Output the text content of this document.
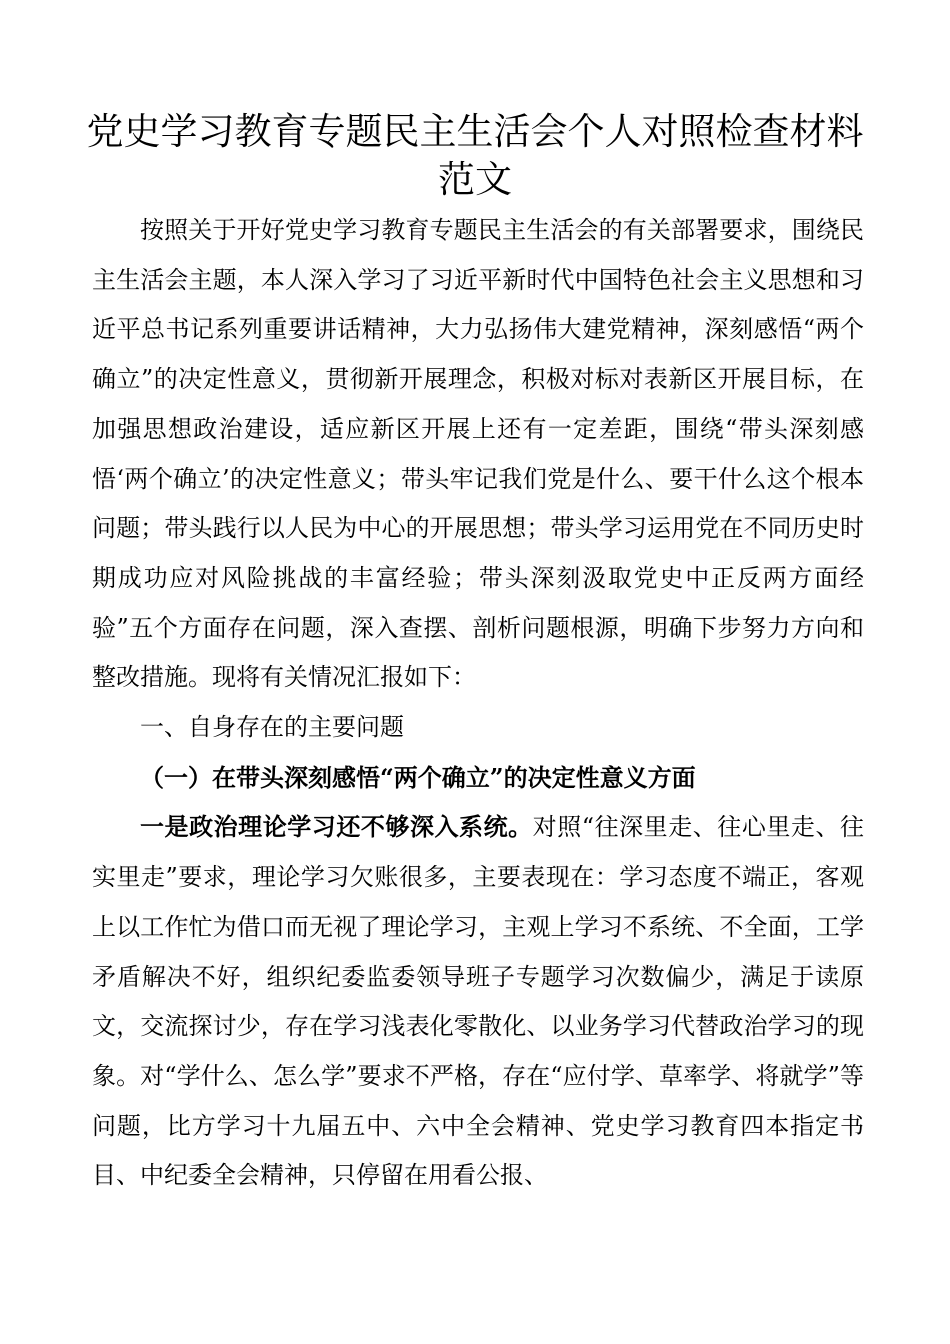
党史学习教育专题民主生活会个人对照检查材料范文

按照关于开好党史学习教育专题民主生活会的有关部署要求，围绕民主生活会主题，本人深入学习了习近平新时代中国特色社会主义思想和习近平总书记系列重要讲话精神，大力弘扬伟大建党精神，深刻感悟“两个确立”的决定性意义，贯彻新开展理念，积极对标对表新区开展目标，在加强思想政治建设，适应新区开展上还有一定差距，围绕“带头深刻感悟‘两个确立’的决定性意义；带头牢记我们党是什么、要干什么这个根本问题；带头践行以人民为中心的开展思想；带头学习运用党在不同历史时期成功应对风险挑战的丰富经验；带头深刻汲取党史中正反两方面经验”五个方面存在问题，深入查摆、剖析问题根源，明确下步努力方向和整改措施。现将有关情况汇报如下：

一、自身存在的主要问题

（一）在带头深刻感悟“两个确立”的决定性意义方面

一是政治理论学习还不够深入系统。对照“往深里走、往心里走、往实里走”要求，理论学习欠账很多，主要表现在：学习态度不端正，客观上以工作忙为借口而无视了理论学习，主观上学习不系统、不全面，工学矛盾解决不好，组织纪委监委领导班子专题学习次数偏少，满足于读原文，交流探讨少，存在学习浅表化零散化、以业务学习代替政治学习的现象。对“学什么、怎么学”要求不严格，存在“应付学、草率学、将就学”等问题，比方学习十九届五中、六中全会精神、党史学习教育四本指定书目、中纪委全会精神，只停留在用看公报、
